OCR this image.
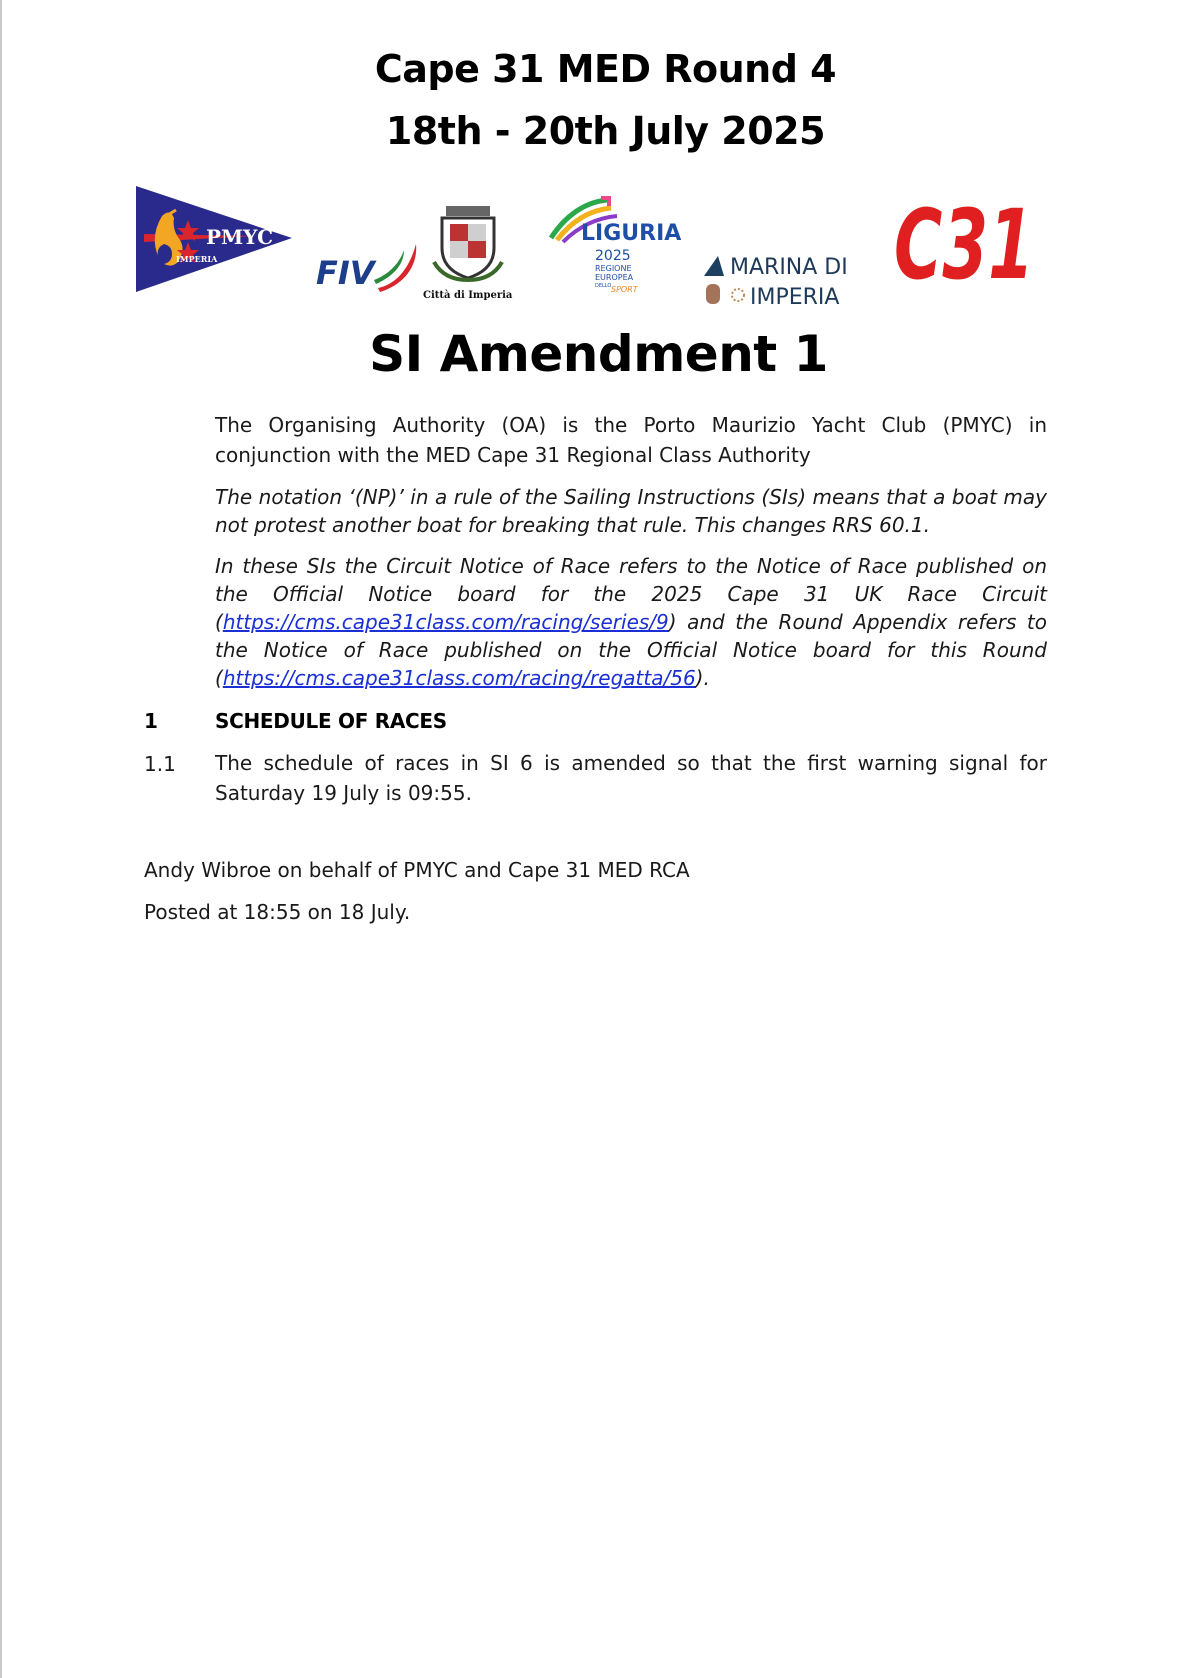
Cape 31 MED Round 4
18th - 20th July 2025
PMYC
IMPERIA	FIV
Città di Imperia
LIGURIA
2025
REGIONE
EUROPEA
DELLO SPORT
MARINA DI
IMPERIA C31
SI Amendment 1
The Organising Authority (OA) is the Porto Maurizio Yacht Club (PMYC) in conjunction with the MED Cape 31 Regional Class Authority
The notation ‘(NP)’ in a rule of the Sailing Instructions (SIs) means that a boat may not protest another boat for breaking that rule. This changes RRS 60.1.
In these SIs the Circuit Notice of Race refers to the Notice of Race published on the Official Notice board for the 2025 Cape 31 UK Race Circuit (https://cms.cape31class.com/racing/series/9) and the Round Appendix refers to the Notice of Race published on the Official Notice board for this Round (https://cms.cape31class.com/racing/regatta/56).
1	SCHEDULE OF RACES
1.1 The schedule of races in SI 6 is amended so that the first warning signal for Saturday 19 July is 09:55.
Andy Wibroe on behalf of PMYC and Cape 31 MED RCA
Posted at 18:55 on 18 July.
